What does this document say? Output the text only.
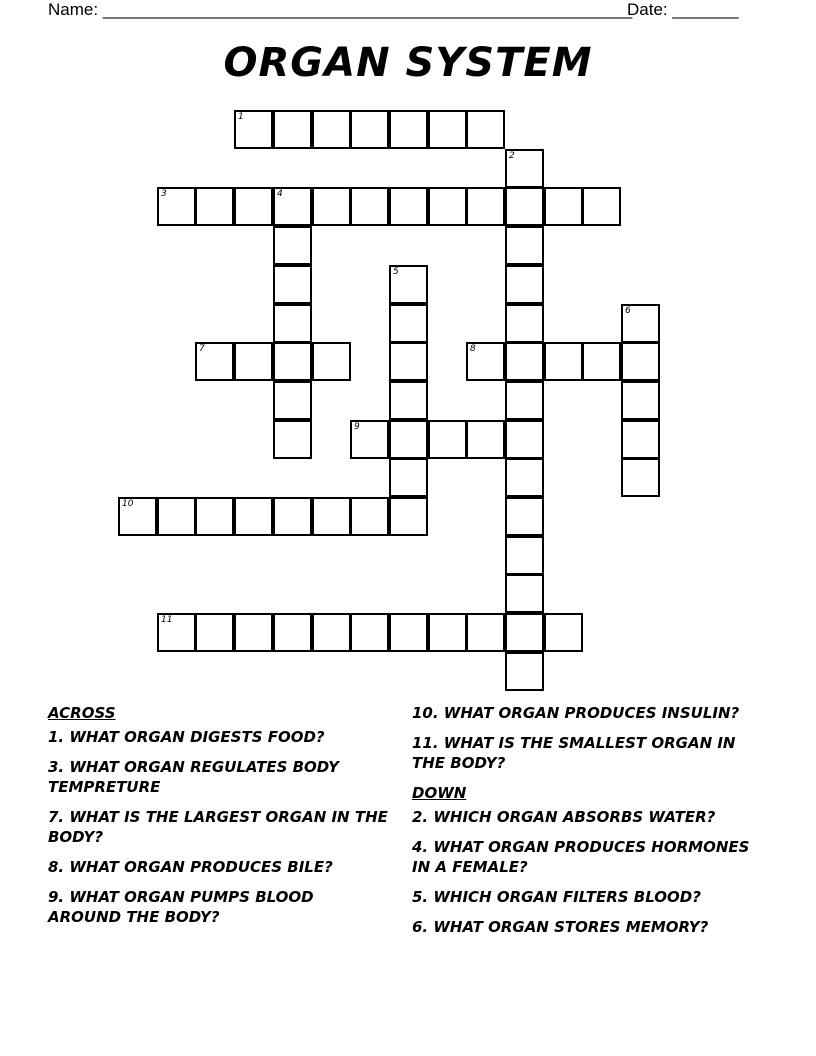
Name: ________________________________________________________
Date: _______
ORGAN SYSTEM
1
2
3	4
5
6
7	8
9
10
11
ACROSS
1. WHAT ORGAN DIGESTS FOOD?
3. WHAT ORGAN REGULATES BODY TEMPRETURE
7. WHAT IS THE LARGEST ORGAN IN THE BODY?
8. WHAT ORGAN PRODUCES BILE?
9. WHAT ORGAN PUMPS BLOOD AROUND THE BODY?
10. WHAT ORGAN PRODUCES INSULIN?
11. WHAT IS THE SMALLEST ORGAN IN THE BODY?
DOWN
2. WHICH ORGAN ABSORBS WATER?
4. WHAT ORGAN PRODUCES HORMONES IN A FEMALE?
5. WHICH ORGAN FILTERS BLOOD?
6. WHAT ORGAN STORES MEMORY?
